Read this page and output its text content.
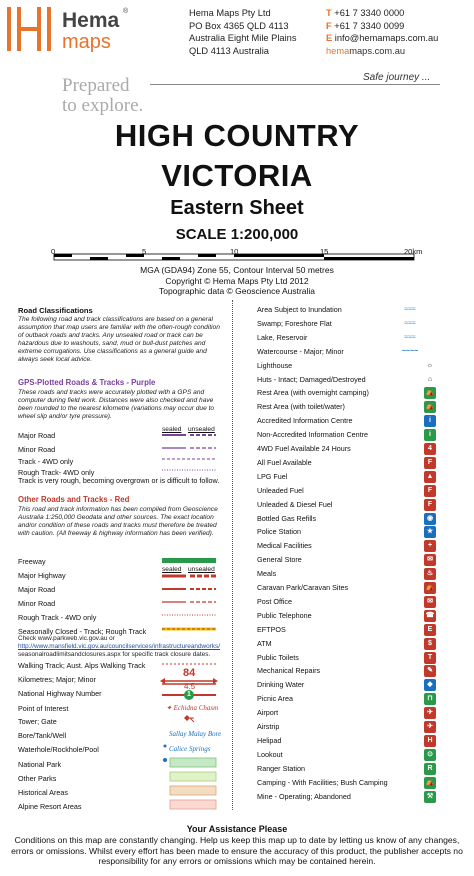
Hema ®
maps
Hema Maps Pty Ltd
PO Box 4365 QLD 4113
Australia Eight Mile Plains
QLD 4113 Australia
T +61 7 3340 0000
F +61 7 3340 0099
E info@hemamaps.com.au
hemamaps.com.au
Prepared
to explore.
Safe journey ...
HIGH COUNTRY
VICTORIA
Eastern Sheet
SCALE 1:200,000
0	5	10	15	20km
MGA (GDA94) Zone 55, Contour Interval 50 metres
Copyright © Hema Maps Pty Ltd 2012
Topographic data © Geoscience Australia
Road Classifications
The following road and track classifications are based on a general assumption that map users are familiar with the often-rough condition of outback roads and tracks. Any unsealed road or track can be hazardous due to washouts, sand, mud or bull-dust patches and extreme corrugations. Use classifications as a general guide and always seek local advice.
GPS-Plotted Roads & Tracks - Purple
These roads and tracks were accurately plotted with a GPS and computer during field work. Distances were also checked and have been rounded to the nearest kilometre (variations may occur due to wheel slip and/or tyre pressure).
sealed unsealed
Major Road
Minor Road
Track - 4WD only
Rough Track- 4WD only
Track is very rough, becoming overgrown or is difficult to follow.
Other Roads and Tracks - Red
This road and track information has been compiled from Geoscience Australia 1:250,000 Geodata and other sources. The exact location and/or condition of these roads and tracks must therefore be treated with caution. (All freeway & highway information has been verified).
Freeway
sealed unsealed
Major Highway
Major Road
Minor Road
Rough Track - 4WD only
Seasonally Closed - Track; Rough Track
Check www.parkweb.vic.gov.au or
http://www.mansfield.vic.gov.au/councilservices/infrastructureandworks/
seasonalroadlimitsandclosures.aspx for specific track closure dates.
Walking Track; Aust. Alps Walking Track
Kilometres; Major; Minor
National Highway Number
Point of Interest
Tower; Gate
Bore/Tank/Well
Waterhole/Rockhole/Pool
National Park
Other Parks
Historical Areas
Alpine Resort Areas
84
4.5
1
✦ Echidna Chasm
Sallay Malay Bore
Calice Springs
Area Subject to Inundation	≈≈≈
Swamp; Foreshore Flat	≈≈≈
Lake, Reservoir	≈≈≈
Watercourse - Major; Minor	~~~~
Lighthouse	☼
Huts - Intact; Damaged/Destroyed	⌂
Rest Area (with overnight camping)	⛺
Rest Area (with toilet/water)	⛺
Accredited Information Centre	i
Non-Accredited Information Centre	i
4WD Fuel Available 24 Hours	4
All Fuel Available	F
LPG Fuel	▲
Unleaded Fuel	F
Unleaded & Diesel Fuel	F
Bottled Gas Refills	◉
Police Station	★
Medical Facilities	+
General Store	✉
Meals	♨
Caravan Park/Caravan Sites	⛺
Post Office	✉
Public Telephone	☎
EFTPOS	E
ATM	$
Public Toilets	T
Mechanical Repairs	✎
Drinking Water	◆
Picnic Area	⊓
Airport	✈
Airstrip	✈
Helipad	H
Lookout	⊙
Ranger Station	R
Camping - With Facilities; Bush Camping	⛺
Mine - Operating; Abandoned	⚒
Your Assistance Please
Conditions on this map are constantly changing. Help us keep this map up to date by letting us know of any changes, errors or omissions. Whilst every effort has been made to ensure the accuracy of this product, the publisher accepts no responsibility for any errors or omissions which may be contained herein.
